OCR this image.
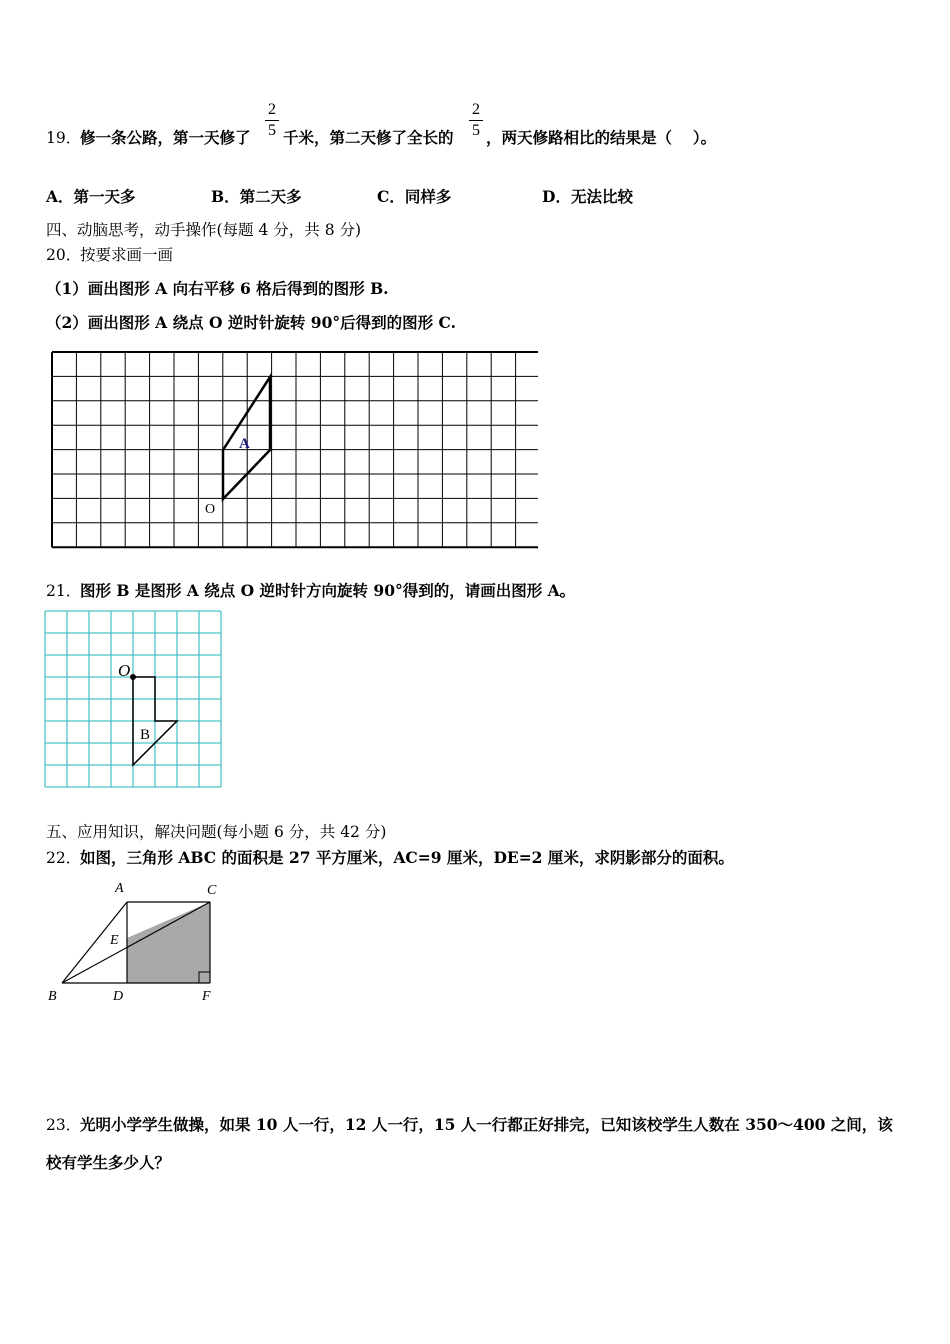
19．
修一条公路，第一天修了
2
5 千米，第二天修了全长的
2
5 ，两天修路相比的结果是（　 ）。
A．第一天多	B．第二天多	C．同样多	D．无法比较
四、动脑思考，动手操作(每题 4 分，共 8 分)
20．
按要求画一画
（1）画出图形 A 向右平移 6 格后得到的图形 B.
（2）画出图形 A 绕点 O 逆时针旋转 90°后得到的图形 C.
A
O
21．
图形 B 是图形 A 绕点 O 逆时针方向旋转 90°得到的，请画出图形 A。
O
B
五、应用知识，解决问题(每小题 6 分，共 42 分)
22．
如图，三角形 ABC 的面积是 27 平方厘米，AC=9 厘米，DE=2 厘米，求阴影部分的面积。
A	C
E
B	D	F
23．
光明小学学生做操，如果 10 人一行，12 人一行，15 人一行都正好排完，已知该校学生人数在 350～400 之间，该
校有学生多少人？
